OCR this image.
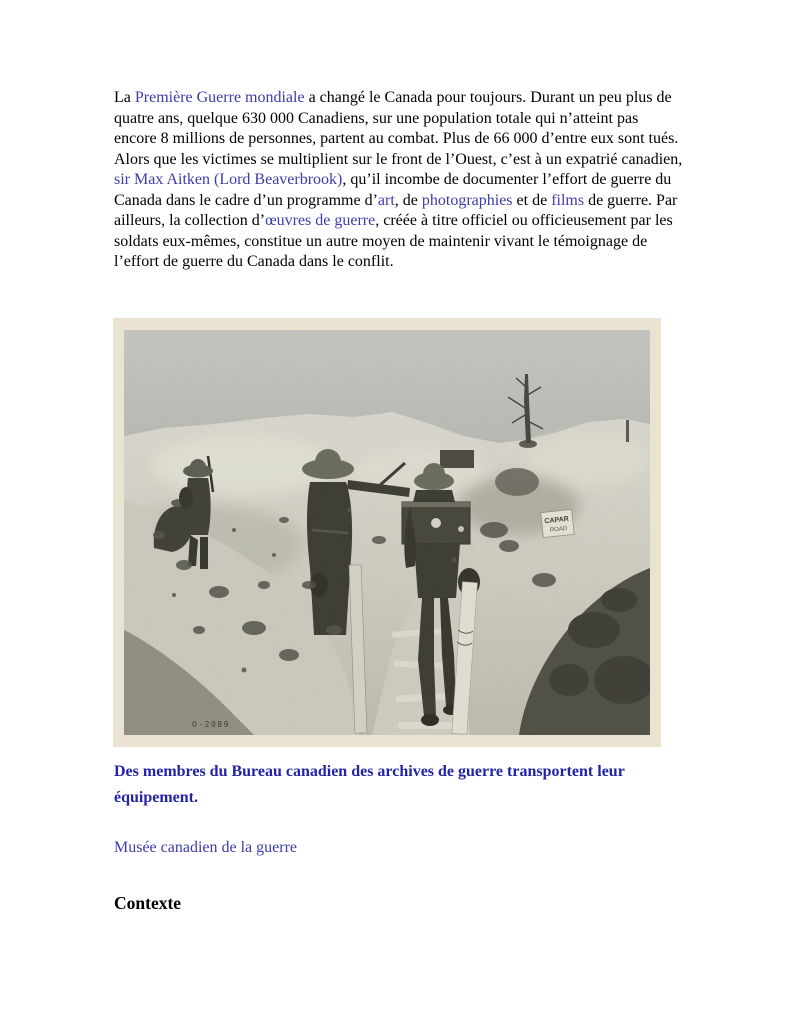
La Première Guerre mondiale a changé le Canada pour toujours. Durant un peu plus de quatre ans, quelque 630 000 Canadiens, sur une population totale qui n’atteint pas encore 8 millions de personnes, partent au combat. Plus de 66 000 d’entre eux sont tués. Alors que les victimes se multiplient sur le front de l’Ouest, c’est à un expatrié canadien, sir Max Aitken (Lord Beaverbrook), qu’il incombe de documenter l’effort de guerre du Canada dans le cadre d’un programme d’art, de photographies et de films de guerre. Par ailleurs, la collection d’œuvres de guerre, créée à titre officiel ou officieusement par les soldats eux-mêmes, constitue un autre moyen de maintenir vivant le témoignage de l’effort de guerre du Canada dans le conflit.

Des membres du Bureau canadien des archives de guerre transportent leur équipement.
Musée canadien de la guerre
Contexte
